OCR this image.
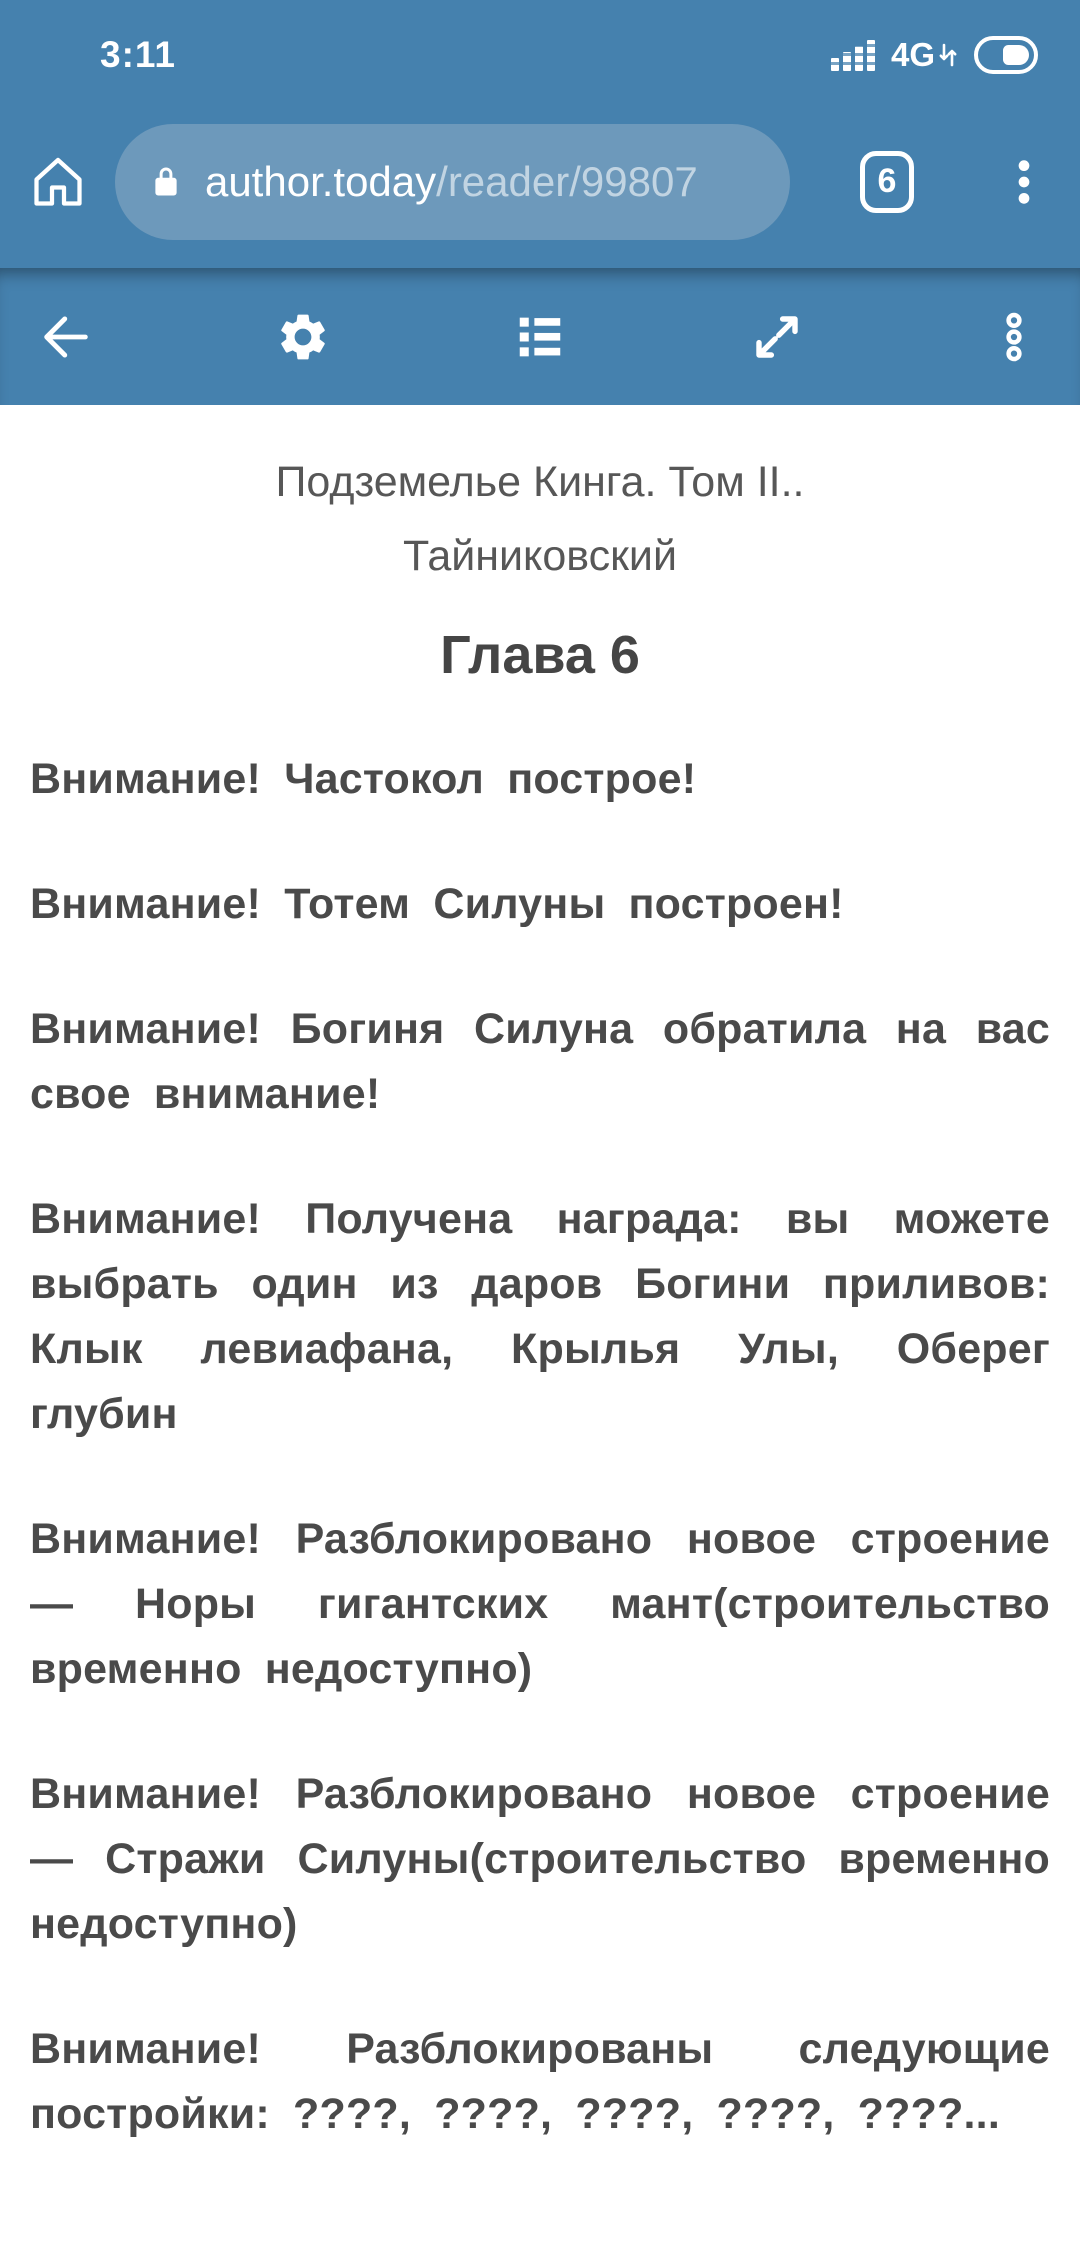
3:11	4G
author.today/reader/99807	6
Подземелье Кинга. Том II..
Тайниковский
Глава 6

Внимание! Частокол построе!

Внимание! Тотем Силуны построен!

Внимание! Богиня Силуна обратила на вас свое внимание!

Внимание! Получена награда: вы можете выбрать один из даров Богини приливов: Клык левиафана, Крылья Улы, Оберег глубин

Внимание! Разблокировано новое строение — Норы гигантских мант(строительство временно недоступно)

Внимание! Разблокировано новое строение — Стражи Силуны(строительство временно недоступно)

Внимание! Разблокированы следующие постройки: ????, ????, ????, ????, ????...
